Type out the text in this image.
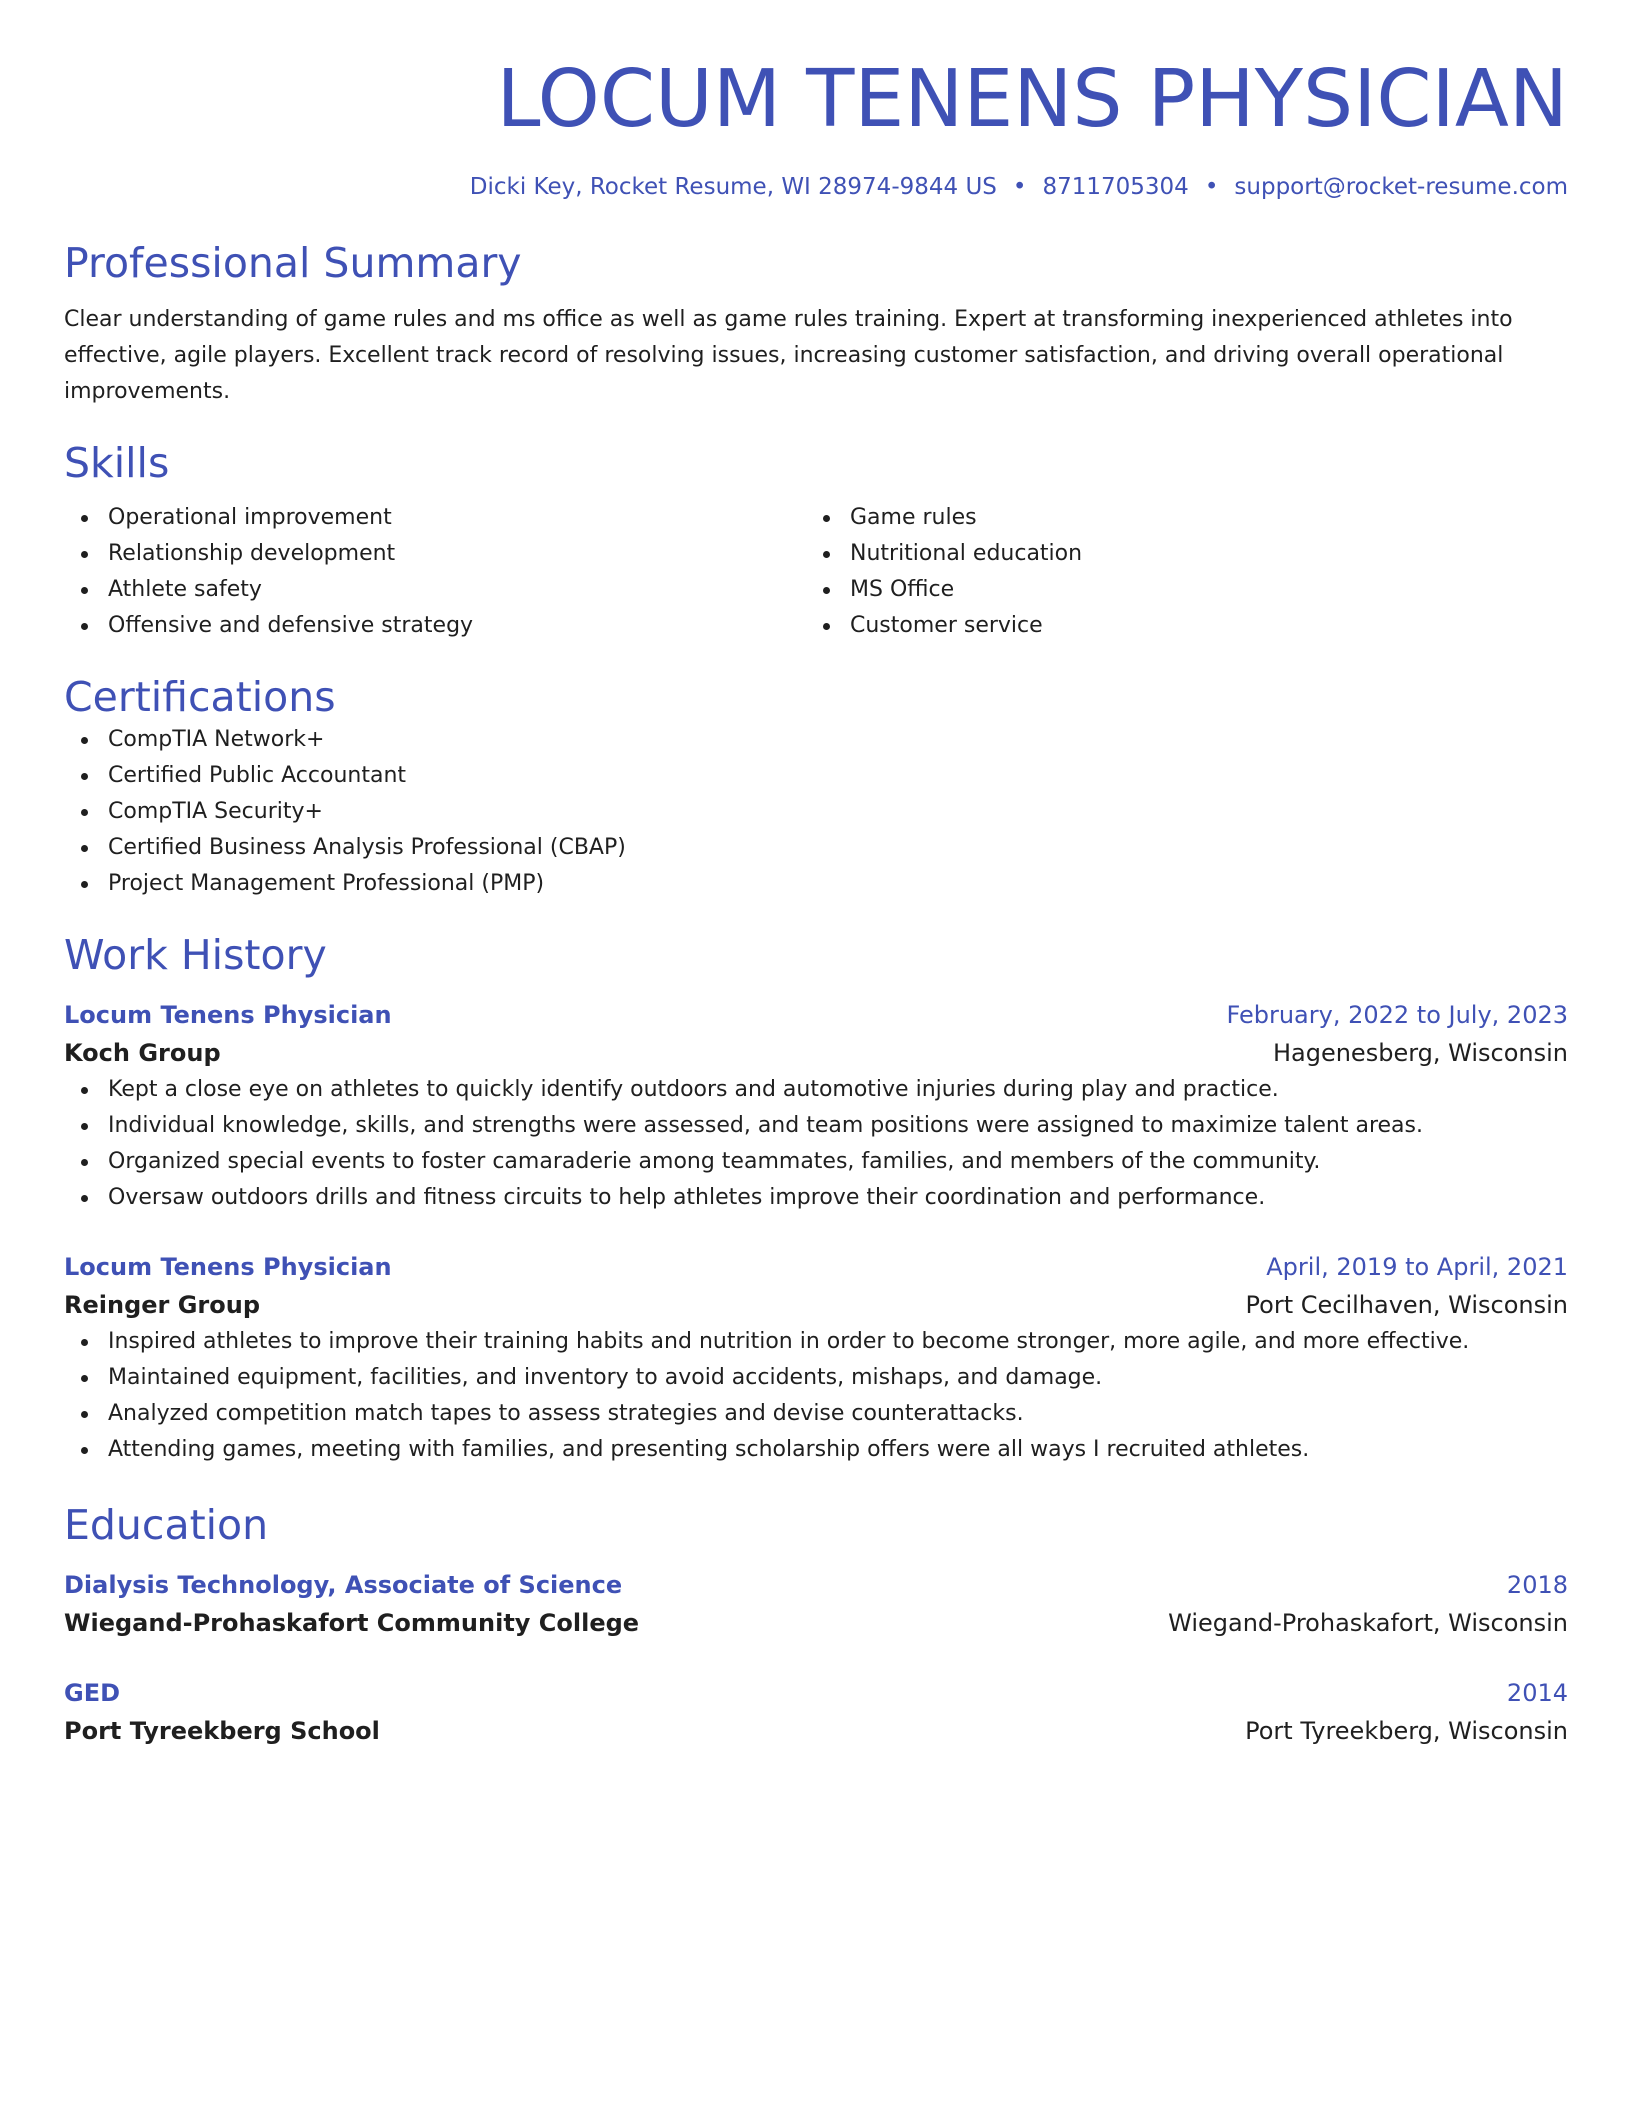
LOCUM TENENS PHYSICIAN
Dicki Key, Rocket Resume, WI 28974-9844 US • 8711705304 • support@rocket-resume.com
Professional Summary
Clear understanding of game rules and ms office as well as game rules training. Expert at transforming inexperienced athletes into effective, agile players. Excellent track record of resolving issues, increasing customer satisfaction, and driving overall operational improvements.
Skills
Operational improvement
Relationship development
Athlete safety
Offensive and defensive strategy
Game rules
Nutritional education
MS Office
Customer service
Certifications
CompTIA Network+
Certified Public Accountant
CompTIA Security+
Certified Business Analysis Professional (CBAP)
Project Management Professional (PMP)
Work History
Locum Tenens Physician	February, 2022 to July, 2023
Koch Group	Hagenesberg, Wisconsin
Kept a close eye on athletes to quickly identify outdoors and automotive injuries during play and practice.
Individual knowledge, skills, and strengths were assessed, and team positions were assigned to maximize talent areas.
Organized special events to foster camaraderie among teammates, families, and members of the community.
Oversaw outdoors drills and fitness circuits to help athletes improve their coordination and performance.
Locum Tenens Physician	April, 2019 to April, 2021
Reinger Group	Port Cecilhaven, Wisconsin
Inspired athletes to improve their training habits and nutrition in order to become stronger, more agile, and more effective.
Maintained equipment, facilities, and inventory to avoid accidents, mishaps, and damage.
Analyzed competition match tapes to assess strategies and devise counterattacks.
Attending games, meeting with families, and presenting scholarship offers were all ways I recruited athletes.
Education
Dialysis Technology, Associate of Science	2018
Wiegand-Prohaskafort Community College	Wiegand-Prohaskafort, Wisconsin
GED	2014
Port Tyreekberg School	Port Tyreekberg, Wisconsin
